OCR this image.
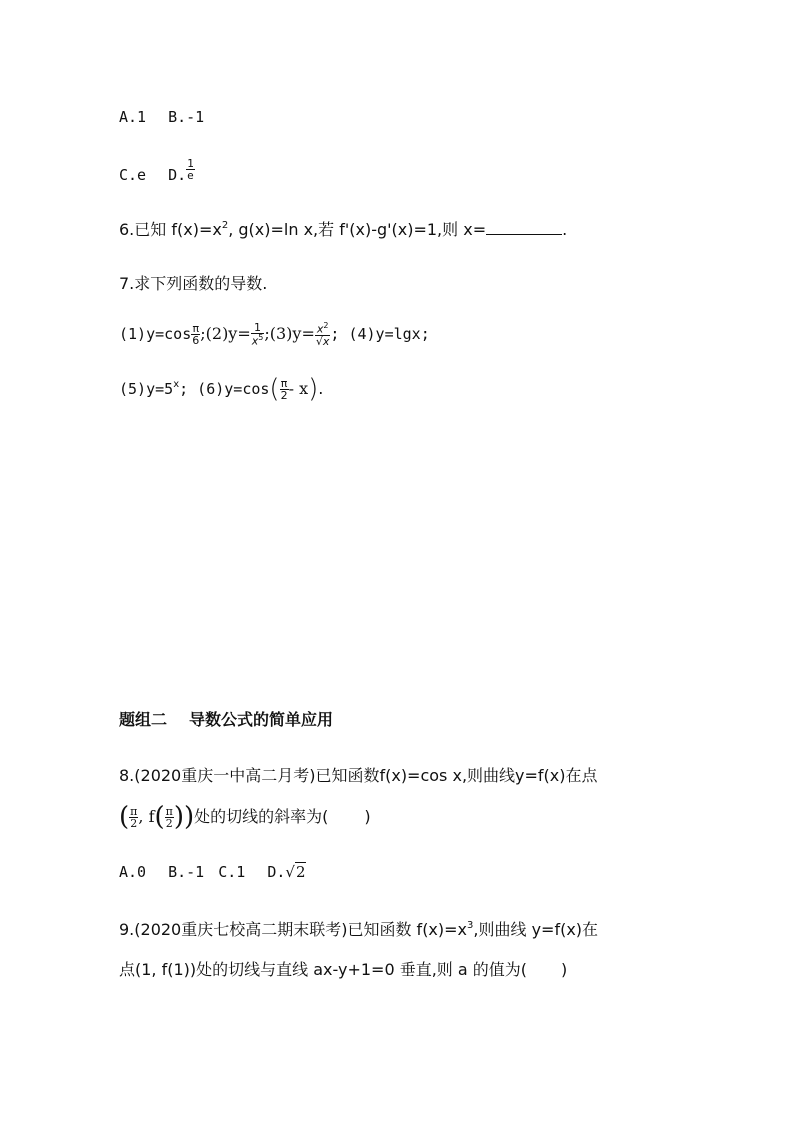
A.1 B.-1
C.e D. $\frac{1}{e}$
6.已知 $f(x)=x^2$, g(x)=ln x,若 f'(x)-g'(x)=1,则 x=	.
7.求下列函数的导数.
$(1)y=\cos \frac{\pi}{6}$ ;(2)y= $\frac{1}{x^5}$ ;(3)y= $\frac{x^2}{√x}$ ; (4)y=lgx;
$(5)y=5^x$; $(6)y=\cos( \frac{\pi}{2} - x)$.
题组二 导数公式的简单应用
8.(2020重庆一中高二月考)已知函数f(x)=cos x,则曲线y=f(x)在点
( $\frac{\pi}{2}$ , $f( \frac{\pi}{2}$ ))处的切线的斜率为( )
A.0 B.-1 C.1 D.√2
9.(2020重庆七校高二期末联考)已知函数 $f(x)=x^3$,则曲线 y=f(x)在
点(1, f(1))处的切线与直线 ax-y+1=0 垂直,则 a 的值为( )
